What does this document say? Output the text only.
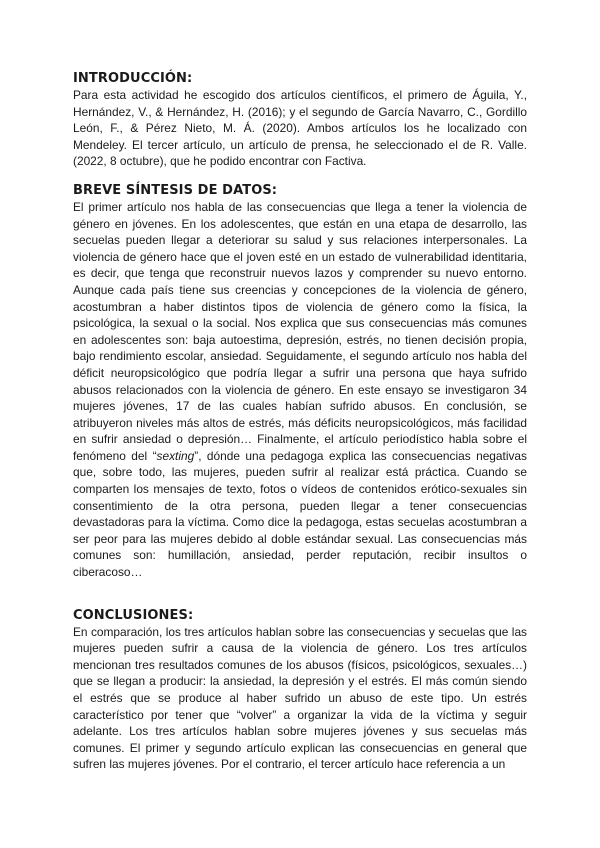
INTRODUCCIÓN:

Para esta actividad he escogido dos artículos científicos, el primero de Águila, Y., Hernández, V., & Hernández, H. (2016); y el segundo de García Navarro, C., Gordillo León, F., & Pérez Nieto, M. Á. (2020). Ambos artículos los he localizado con Mendeley. El tercer artículo, un artículo de prensa, he seleccionado el de R. Valle. (2022, 8 octubre), que he podido encontrar con Factiva.

BREVE SÍNTESIS DE DATOS:

El primer artículo nos habla de las consecuencias que llega a tener la violencia de género en jóvenes. En los adolescentes, que están en una etapa de desarrollo, las secuelas pueden llegar a deteriorar su salud y sus relaciones interpersonales. La violencia de género hace que el joven esté en un estado de vulnerabilidad identitaria, es decir, que tenga que reconstruir nuevos lazos y comprender su nuevo entorno. Aunque cada país tiene sus creencias y concepciones de la violencia de género, acostumbran a haber distintos tipos de violencia de género como la física, la psicológica, la sexual o la social. Nos explica que sus consecuencias más comunes en adolescentes son: baja autoestima, depresión, estrés, no tienen decisión propia, bajo rendimiento escolar, ansiedad. Seguidamente, el segundo artículo nos habla del déficit neuropsicológico que podría llegar a sufrir una persona que haya sufrido abusos relacionados con la violencia de género. En este ensayo se investigaron 34 mujeres jóvenes, 17 de las cuales habían sufrido abusos. En conclusión, se atribuyeron niveles más altos de estrés, más déficits neuropsicológicos, más facilidad en sufrir ansiedad o depresión… Finalmente, el artículo periodístico habla sobre el fenómeno del “sexting”, dónde una pedagoga explica las consecuencias negativas que, sobre todo, las mujeres, pueden sufrir al realizar está práctica. Cuando se comparten los mensajes de texto, fotos o vídeos de contenidos erótico-sexuales sin consentimiento de la otra persona, pueden llegar a tener consecuencias devastadoras para la víctima. Como dice la pedagoga, estas secuelas acostumbran a ser peor para las mujeres debido al doble estándar sexual. Las consecuencias más comunes son: humillación, ansiedad, perder reputación, recibir insultos o ciberacoso…

CONCLUSIONES:

En comparación, los tres artículos hablan sobre las consecuencias y secuelas que las mujeres pueden sufrir a causa de la violencia de género. Los tres artículos mencionan tres resultados comunes de los abusos (físicos, psicológicos, sexuales…) que se llegan a producir: la ansiedad, la depresión y el estrés. El más común siendo el estrés que se produce al haber sufrido un abuso de este tipo. Un estrés característico por tener que “volver” a organizar la vida de la víctima y seguir adelante. Los tres artículos hablan sobre mujeres jóvenes y sus secuelas más comunes. El primer y segundo artículo explican las consecuencias en general que sufren las mujeres jóvenes. Por el contrario, el tercer artículo hace referencia a un
